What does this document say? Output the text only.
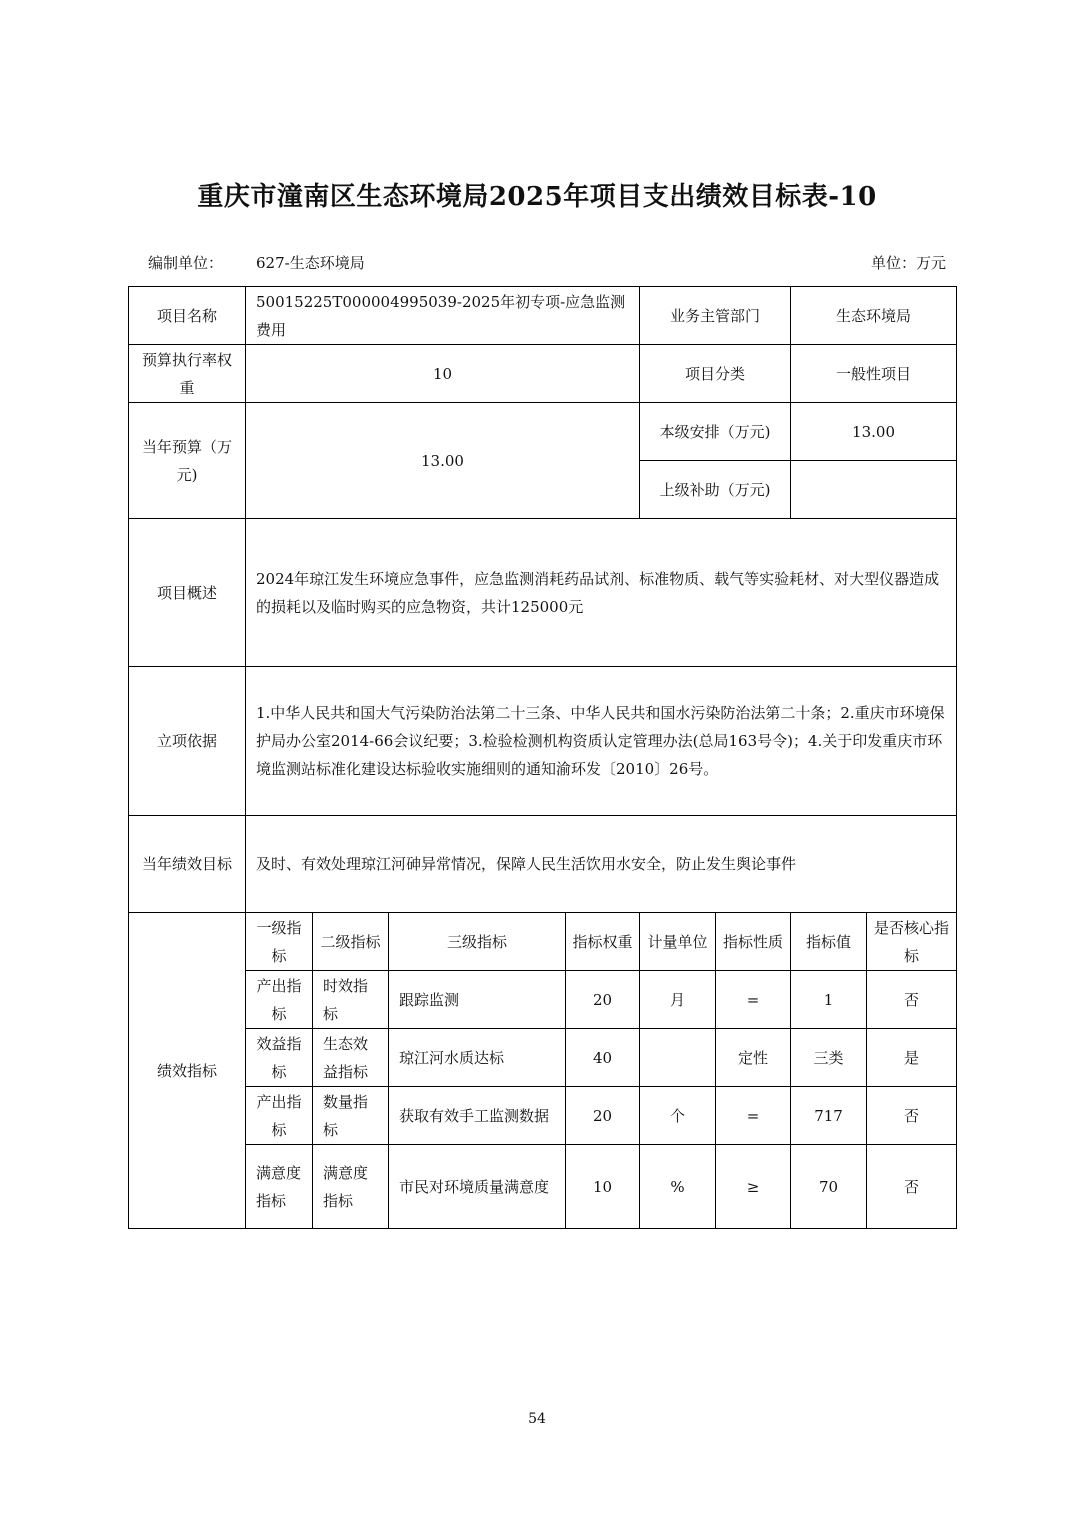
重庆市潼南区生态环境局2025年项目支出绩效目标表-10
编制单位： 627-生态环境局	单位：万元
项目名称	50015225T000004995039-2025年初专项-应急监测费用				业务主管部门		生态环境局	
预算执行率权重	10				项目分类		一般性项目	
当年预算（万元)	13.00				本级安排（万元)		13.00	
					上级补助（万元)			
项目概述	2024年琼江发生环境应急事件，应急监测消耗药品试剂、标准物质、载气等实验耗材、对大型仪器造成的损耗以及临时购买的应急物资，共计125000元							
立项依据	1.中华人民共和国大气污染防治法第二十三条、中华人民共和国水污染防治法第二十条；2.重庆市环境保护局办公室2014-66会议纪要；3.检验检测机构资质认定管理办法(总局163号令)；4.关于印发重庆市环境监测站标准化建设达标验收实施细则的通知渝环发〔2010〕26号。							
当年绩效目标	及时、有效处理琼江河砷异常情况，保障人民生活饮用水安全，防止发生舆论事件							
绩效指标	一级指标	二级指标	三级指标	指标权重	计量单位	指标性质	指标值	是否核心指标
	产出指标	时效指标	跟踪监测	20	月	=	1	否
	效益指标	生态效益指标	琼江河水质达标	40		定性	三类	是
	产出指标	数量指标	获取有效手工监测数据	20	个	=	717	否
	满意度指标	满意度指标	市民对环境质量满意度	10	%	≥	70	否
54
